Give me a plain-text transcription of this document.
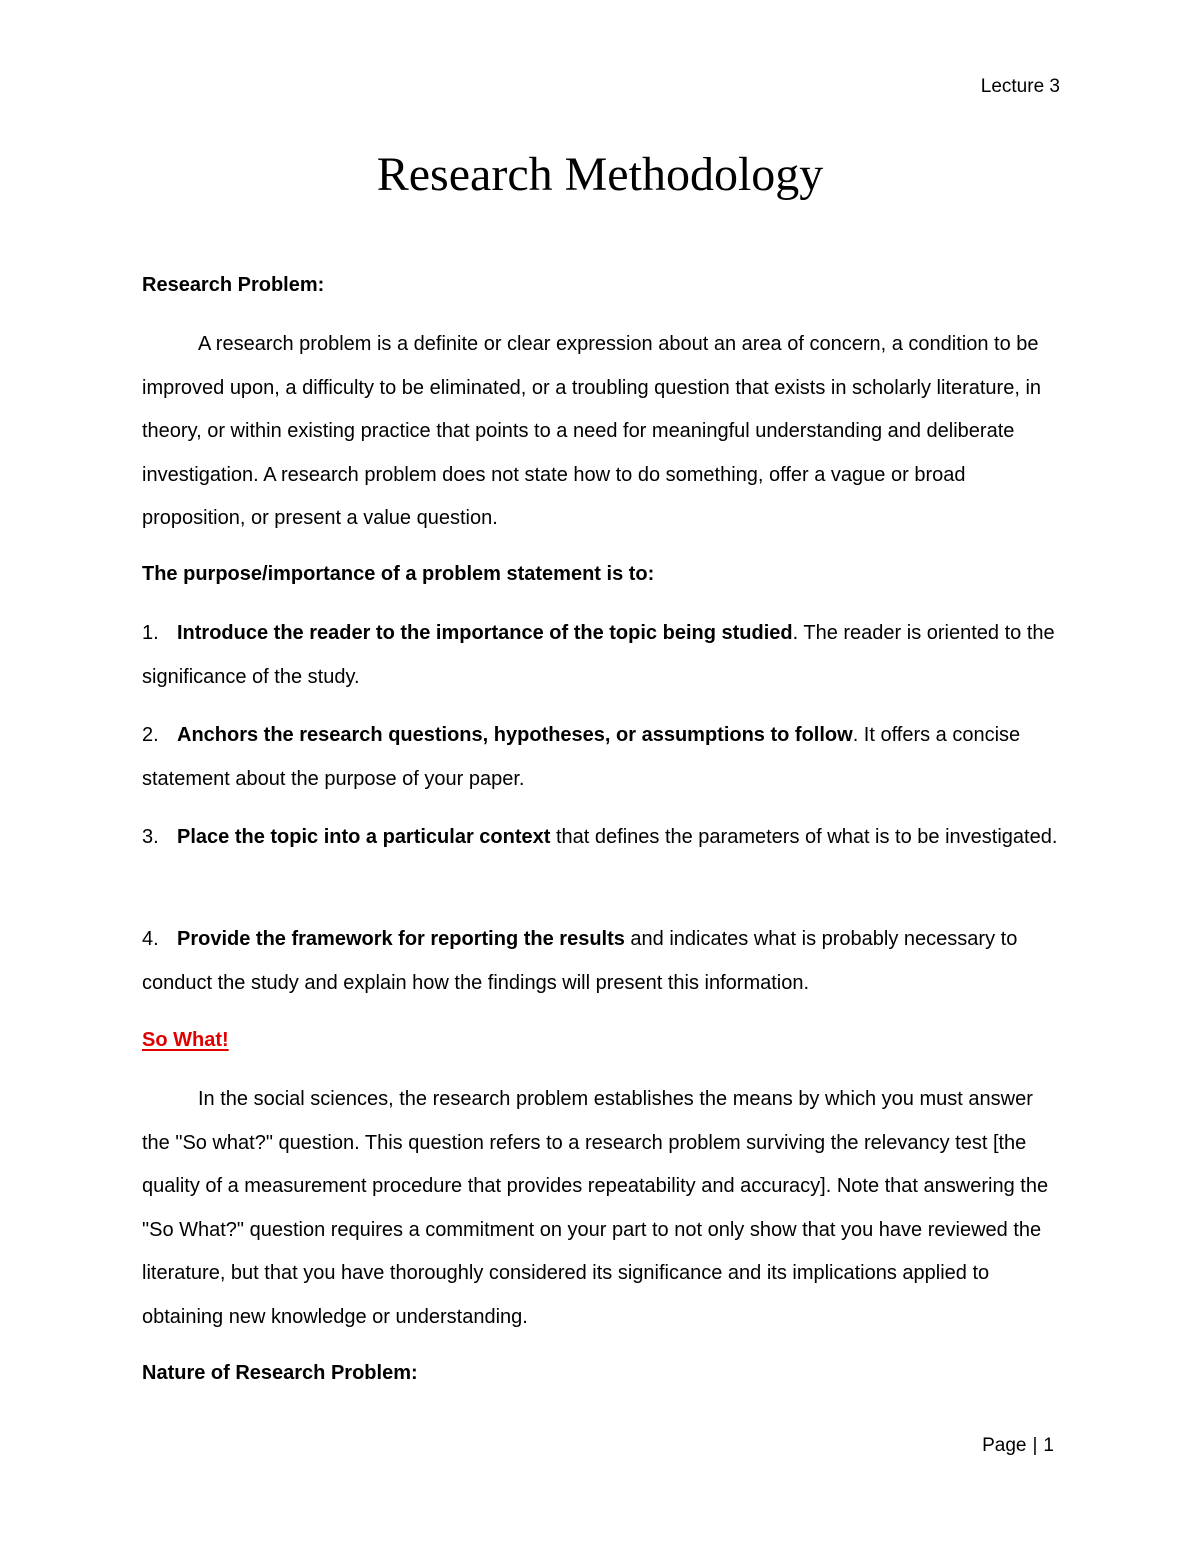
Lecture 3
Research Methodology
Research Problem:
A research problem is a definite or clear expression about an area of concern, a condition to be improved upon, a difficulty to be eliminated, or a troubling question that exists in scholarly literature, in theory, or within existing practice that points to a need for meaningful understanding and deliberate investigation. A research problem does not state how to do something, offer a vague or broad proposition, or present a value question.
The purpose/importance of a problem statement is to:
1. Introduce the reader to the importance of the topic being studied. The reader is oriented to the significance of the study.
2. Anchors the research questions, hypotheses, or assumptions to follow. It offers a concise statement about the purpose of your paper.
3. Place the topic into a particular context that defines the parameters of what is to be investigated.
4. Provide the framework for reporting the results and indicates what is probably necessary to conduct the study and explain how the findings will present this information.
So What!
In the social sciences, the research problem establishes the means by which you must answer the "So what?" question. This question refers to a research problem surviving the relevancy test [the quality of a measurement procedure that provides repeatability and accuracy]. Note that answering the "So What?" question requires a commitment on your part to not only show that you have reviewed the literature, but that you have thoroughly considered its significance and its implications applied to obtaining new knowledge or understanding.
Nature of Research Problem:
Page | 1
